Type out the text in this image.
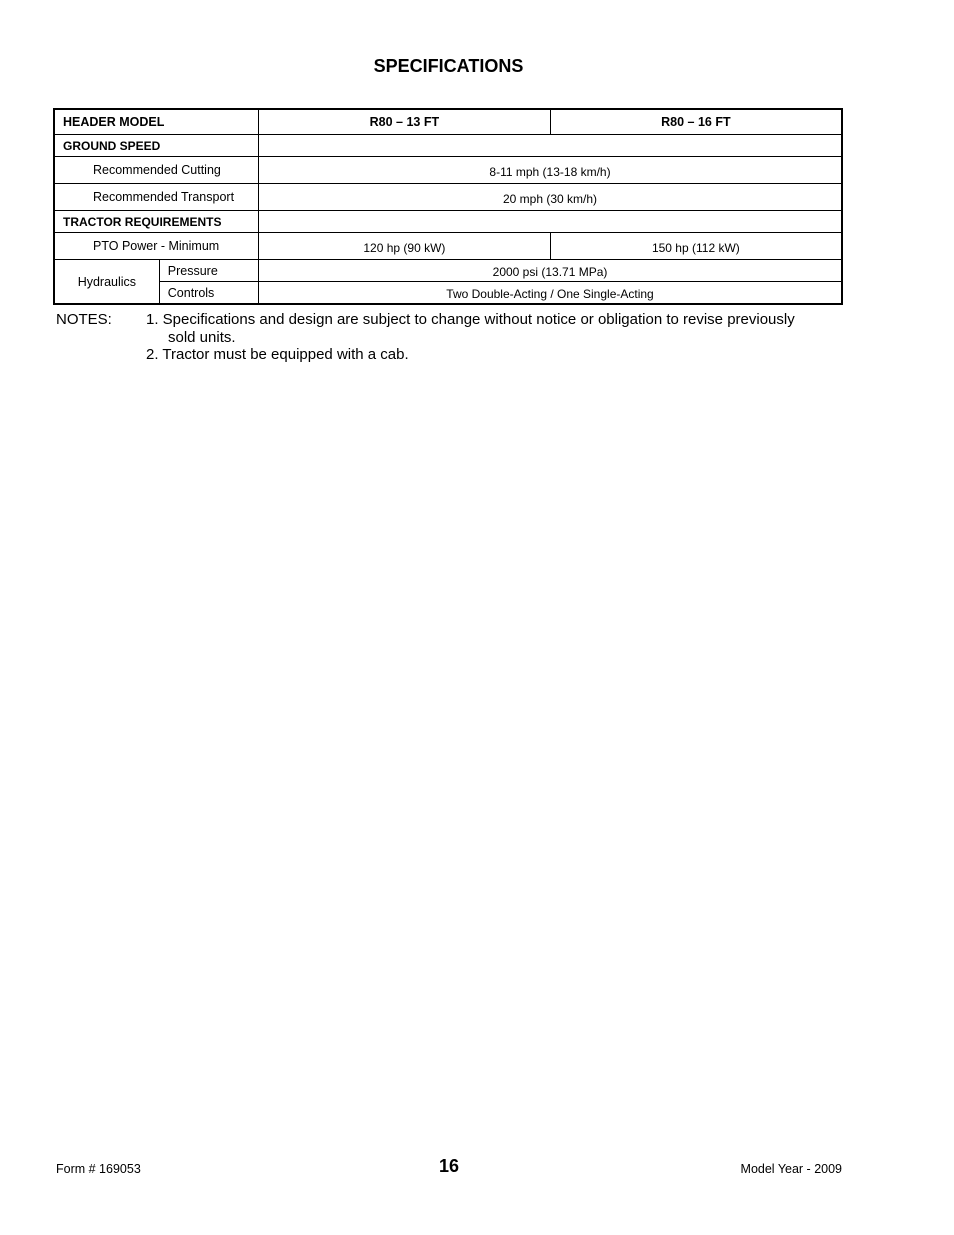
SPECIFICATIONS
HEADER MODEL		R80 – 13 FT	R80 – 16 FT
GROUND SPEED			
Recommended Cutting		8-11 mph (13-18 km/h)	
Recommended Transport		20 mph (30 km/h)	
TRACTOR REQUIREMENTS			
PTO Power - Minimum		120 hp (90 kW)	150 hp (112 kW)
Hydraulics	Pressure	2000 psi (13.71 MPa)	
	Controls	Two Double-Acting / One Single-Acting	
NOTES: 1. Specifications and design are subject to change without notice or obligation to revise previously
sold units.
2. Tractor must be equipped with a cab.
Form # 169053	16	Model Year - 2009
